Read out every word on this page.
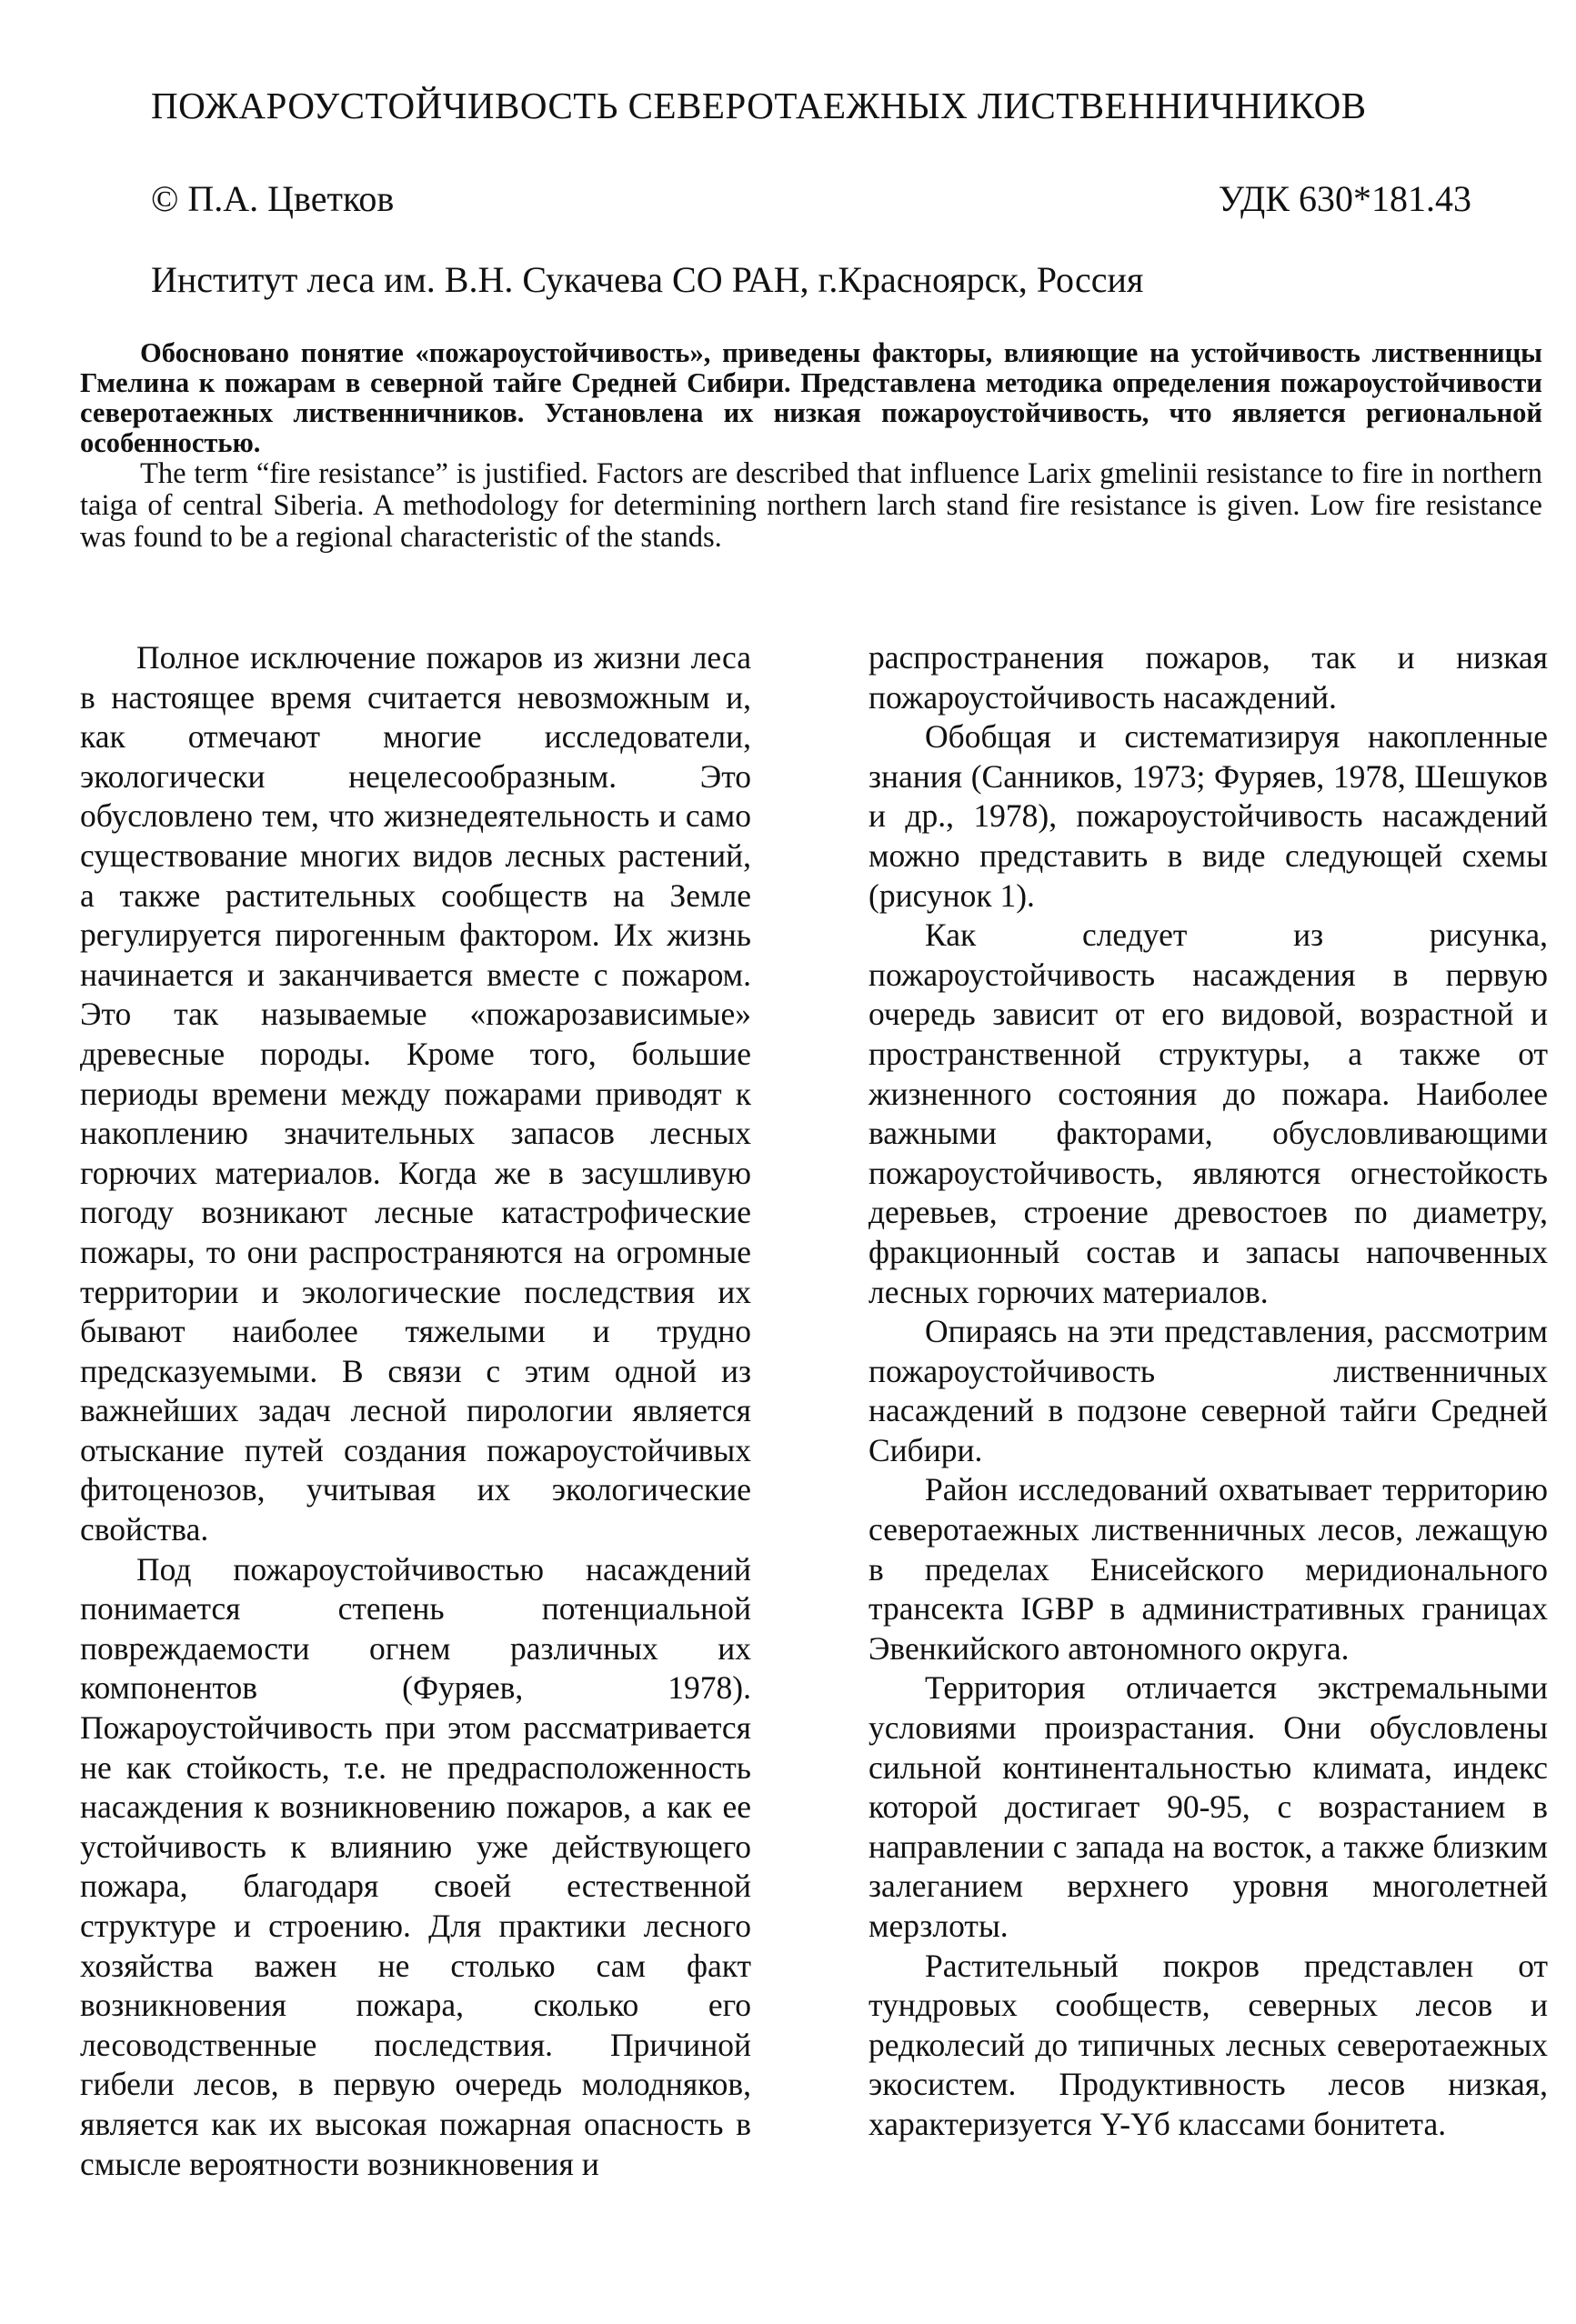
ПОЖАРОУСТОЙЧИВОСТЬ СЕВЕРОТАЕЖНЫХ ЛИСТВЕННИЧНИКОВ
© П.А. Цветков	УДК 630*181.43
Институт леса им. В.Н. Сукачева СО РАН, г.Красноярск, Россия

Обосновано понятие «пожароустойчивость», приведены факторы, влияющие на устойчивость лиственницы Гмелина к пожарам в северной тайге Средней Сибири. Представлена методика определения пожароустойчивости северотаежных лиственничников. Установлена их низкая пожароустойчивость, что является региональной особенностью.

The term “fire resistance” is justified. Factors are described that influence Larix gmelinii resistance to fire in northern taiga of central Siberia. A methodology for determining northern larch stand fire resistance is given. Low fire resistance was found to be a regional characteristic of the stands.

Полное исключение пожаров из жизни леса в настоящее время считается невозможным и, как отмечают многие исследователи, экологически нецелесообразным. Это обусловлено тем, что жизнедеятельность и само существование многих видов лесных растений, а также растительных сообществ на Земле регулируется пирогенным фактором. Их жизнь начинается и заканчивается вместе с пожаром. Это так называемые «пожарозависимые» древесные породы. Кроме того, большие периоды времени между пожарами приводят к накоплению значительных запасов лесных горючих материалов. Когда же в засушливую погоду возникают лесные катастрофические пожары, то они распространяются на огромные территории и экологические последствия их бывают наиболее тяжелыми и трудно предсказуемыми. В связи с этим одной из важнейших задач лесной пирологии является отыскание путей создания пожароустойчивых фитоценозов, учитывая их экологические свойства.

Под пожароустойчивостью насаждений понимается степень потенциальной повреждаемости огнем различных их компонентов (Фуряев, 1978). Пожароустойчивость при этом рассматривается не как стойкость, т.е. не предрасположенность насаждения к возникновению пожаров, а как ее устойчивость к влиянию уже действующего пожара, благодаря своей естественной структуре и строению. Для практики лесного хозяйства важен не столько сам факт возникновения пожара, сколько его лесоводственные последствия. Причиной гибели лесов, в первую очередь молодняков, является как их высокая пожарная опасность в смысле вероятности возникновения и

распространения пожаров, так и низкая пожароустойчивость насаждений.

Обобщая и систематизируя накопленные знания (Санников, 1973; Фуряев, 1978, Шешуков и др., 1978), пожароустойчивость насаждений можно представить в виде следующей схемы (рисунок 1).

Как следует из рисунка, пожароустойчивость насаждения в первую очередь зависит от его видовой, возрастной и пространственной структуры, а также от жизненного состояния до пожара. Наиболее важными факторами, обусловливающими пожароустойчивость, являются огнестойкость деревьев, строение древостоев по диаметру, фракционный состав и запасы напочвенных лесных горючих материалов.

Опираясь на эти представления, рассмотрим пожароустойчивость лиственничных насаждений в подзоне северной тайги Средней Сибири.

Район исследований охватывает территорию северотаежных лиственничных лесов, лежащую в пределах Енисейского меридионального трансекта IGBP в административных границах Эвенкийского автономного округа.

Территория отличается экстремальными условиями произрастания. Они обусловлены сильной континентальностью климата, индекс которой достигает 90-95, с возрастанием в направлении с запада на восток, а также близким залеганием верхнего уровня многолетней мерзлоты.

Растительный покров представлен от тундровых сообществ, северных лесов и редколесий до типичных лесных северотаежных экосистем. Продуктивность лесов низкая, характеризуется Y-Yб классами бонитета.
